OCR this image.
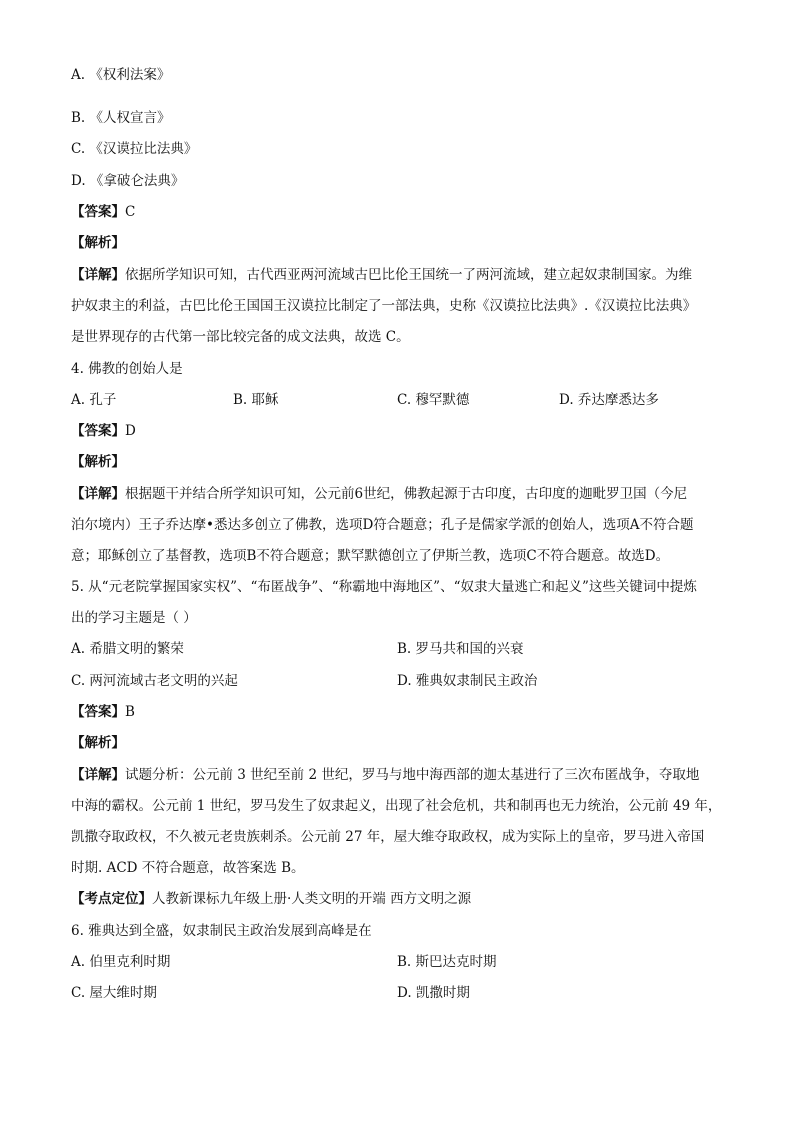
A. 《权利法案》
B. 《人权宣言》
C. 《汉谟拉比法典》
D. 《拿破仑法典》
【答案】C
【解析】
【详解】依据所学知识可知，古代西亚两河流域古巴比伦王国统一了两河流域，建立起奴隶制国家。为维
护奴隶主的利益，古巴比伦王国国王汉谟拉比制定了一部法典，史称《汉谟拉比法典》.《汉谟拉比法典》
是世界现存的古代第一部比较完备的成文法典，故选 C。
4. 佛教的创始人是
A. 孔子	B. 耶稣	C. 穆罕默德	D. 乔达摩悉达多
【答案】D
【解析】
【详解】根据题干并结合所学知识可知，公元前6世纪，佛教起源于古印度，古印度的迦毗罗卫国（今尼
泊尔境内）王子乔达摩•悉达多创立了佛教，选项D符合题意；孔子是儒家学派的创始人，选项A不符合题
意；耶稣创立了基督教，选项B不符合题意；默罕默德创立了伊斯兰教，选项C不符合题意。故选D。
5. 从“元老院掌握国家实权”、“布匿战争”、“称霸地中海地区”、“奴隶大量逃亡和起义”这些关键词中提炼
出的学习主题是（ ）
A. 希腊文明的繁荣	B. 罗马共和国的兴衰
C. 两河流域古老文明的兴起	D. 雅典奴隶制民主政治
【答案】B
【解析】
【详解】试题分析：公元前 3 世纪至前 2 世纪，罗马与地中海西部的迦太基进行了三次布匿战争，夺取地
中海的霸权。公元前 1 世纪，罗马发生了奴隶起义，出现了社会危机，共和制再也无力统治，公元前 49 年，
凯撒夺取政权，不久被元老贵族刺杀。公元前 27 年，屋大维夺取政权，成为实际上的皇帝，罗马进入帝国
时期. ACD 不符合题意，故答案选 B。
【考点定位】人教新课标九年级上册·人类文明的开端 西方文明之源
6. 雅典达到全盛，奴隶制民主政治发展到高峰是在
A. 伯里克利时期	B. 斯巴达克时期
C. 屋大维时期	D. 凯撒时期
